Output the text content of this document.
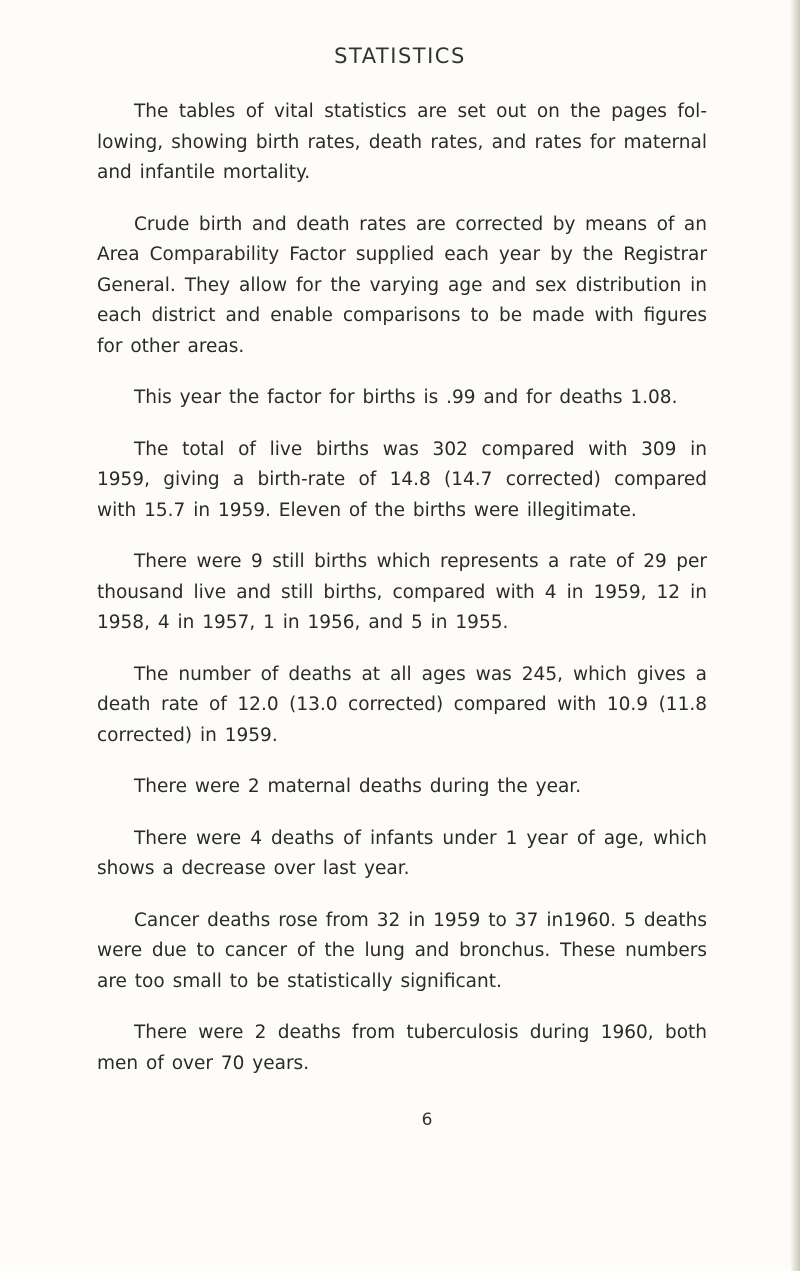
STATISTICS

The tables of vital statistics are set out on the pages fol-lowing, showing birth rates, death rates, and rates for maternal and infantile mortality.

Crude birth and death rates are corrected by means of an Area Comparability Factor supplied each year by the Registrar General. They allow for the varying age and sex distribution in each district and enable comparisons to be made with figures for other areas.

This year the factor for births is .99 and for deaths 1.08.

The total of live births was 302 compared with 309 in 1959, giving a birth-rate of 14.8 (14.7 corrected) compared with 15.7 in 1959. Eleven of the births were illegitimate.

There were 9 still births which represents a rate of 29 per thousand live and still births, compared with 4 in 1959, 12 in 1958, 4 in 1957, 1 in 1956, and 5 in 1955.

The number of deaths at all ages was 245, which gives a death rate of 12.0 (13.0 corrected) compared with 10.9 (11.8 corrected) in 1959.

There were 2 maternal deaths during the year.

There were 4 deaths of infants under 1 year of age, which shows a decrease over last year.

Cancer deaths rose from 32 in 1959 to 37 in1960. 5 deaths were due to cancer of the lung and bronchus. These numbers are too small to be statistically significant.

There were 2 deaths from tuberculosis during 1960, both men of over 70 years.

6
